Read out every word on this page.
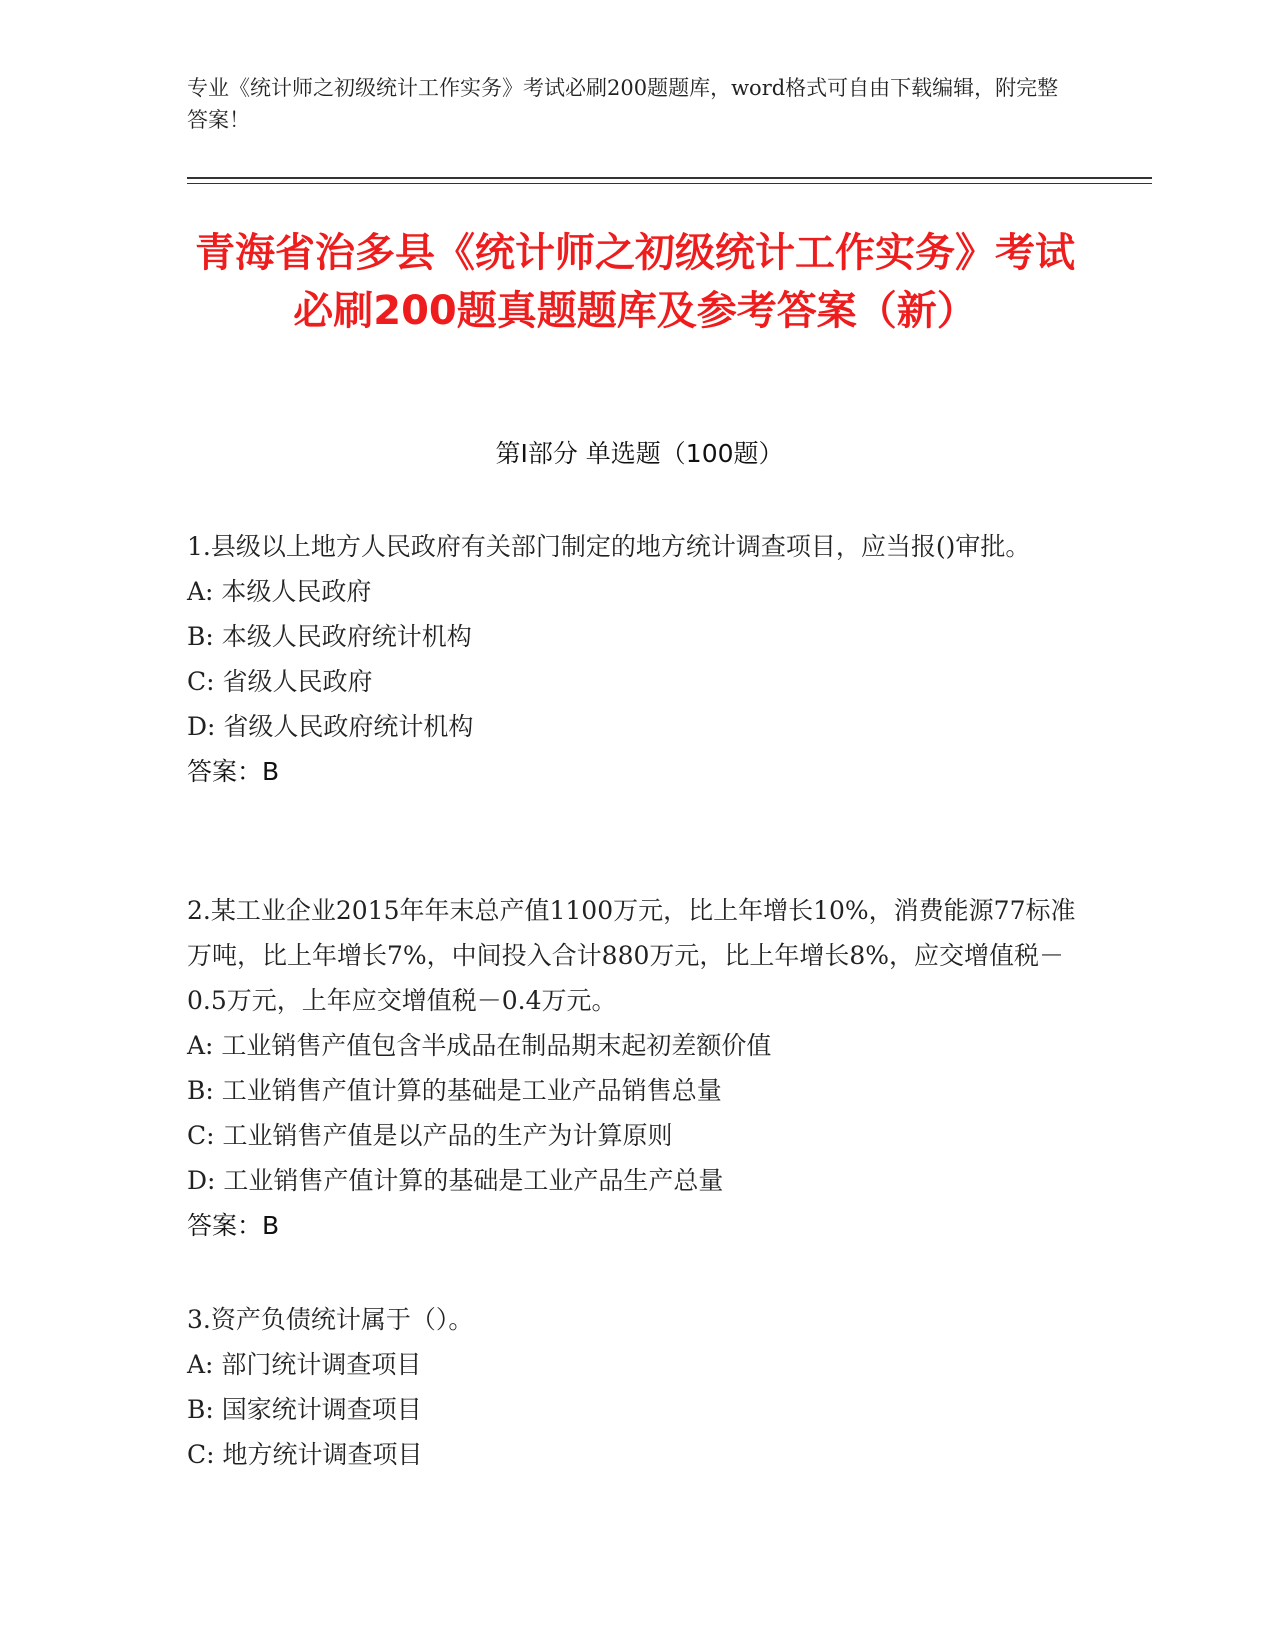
专业《统计师之初级统计工作实务》考试必刷200题题库，word格式可自由下载编辑，附完整答案！
青海省治多县《统计师之初级统计工作实务》考试必刷200题真题题库及参考答案（新）
第I部分 单选题（100题）

1.县级以上地方人民政府有关部门制定的地方统计调查项目，应当报()审批。

A: 本级人民政府

B: 本级人民政府统计机构

C: 省级人民政府

D: 省级人民政府统计机构

答案：B

2.某工业企业2015年年末总产值1100万元，比上年增长10%，消费能源77标准万吨，比上年增长7%，中间投入合计880万元，比上年增长8%，应交增值税－0.5万元，上年应交增值税－0.4万元。

A: 工业销售产值包含半成品在制品期末起初差额价值

B: 工业销售产值计算的基础是工业产品销售总量

C: 工业销售产值是以产品的生产为计算原则

D: 工业销售产值计算的基础是工业产品生产总量

答案：B

3.资产负债统计属于（）。

A: 部门统计调查项目

B: 国家统计调查项目

C: 地方统计调查项目
